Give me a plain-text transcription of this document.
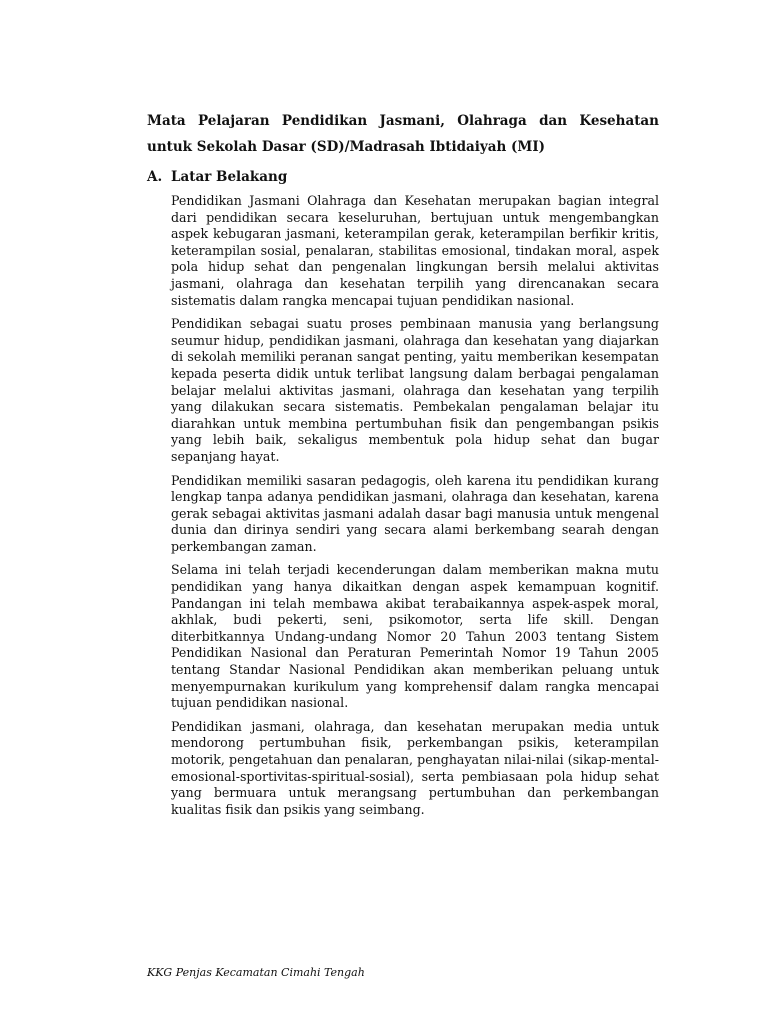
Mata Pelajaran Pendidikan Jasmani, Olahraga dan Kesehatan untuk Sekolah Dasar (SD)/Madrasah Ibtidaiyah (MI)
A. Latar Belakang

Pendidikan Jasmani Olahraga dan Kesehatan merupakan bagian integral dari pendidikan secara keseluruhan, bertujuan untuk mengembangkan aspek kebugaran jasmani, keterampilan gerak, keterampilan berfikir kritis, keterampilan sosial, penalaran, stabilitas emosional, tindakan moral, aspek pola hidup sehat dan pengenalan lingkungan bersih melalui aktivitas jasmani, olahraga dan kesehatan terpilih yang direncanakan secara sistematis dalam rangka mencapai tujuan pendidikan nasional.

Pendidikan sebagai suatu proses pembinaan manusia yang berlangsung seumur hidup, pendidikan jasmani, olahraga dan kesehatan yang diajarkan di sekolah memiliki peranan sangat penting, yaitu memberikan kesempatan kepada peserta didik untuk terlibat langsung dalam berbagai pengalaman belajar melalui aktivitas jasmani, olahraga dan kesehatan yang terpilih yang dilakukan secara sistematis. Pembekalan pengalaman belajar itu diarahkan untuk membina pertumbuhan fisik dan pengembangan psikis yang lebih baik, sekaligus membentuk pola hidup sehat dan bugar sepanjang hayat.

Pendidikan memiliki sasaran pedagogis, oleh karena itu pendidikan kurang lengkap tanpa adanya pendidikan jasmani, olahraga dan kesehatan, karena gerak sebagai aktivitas jasmani adalah dasar bagi manusia untuk mengenal dunia dan dirinya sendiri yang secara alami berkembang searah dengan perkembangan zaman.

Selama ini telah terjadi kecenderungan dalam memberikan makna mutu pendidikan yang hanya dikaitkan dengan aspek kemampuan kognitif. Pandangan ini telah membawa akibat terabaikannya aspek-aspek moral, akhlak, budi pekerti, seni, psikomotor, serta life skill. Dengan diterbitkannya Undang-undang Nomor 20 Tahun 2003 tentang Sistem Pendidikan Nasional dan Peraturan Pemerintah Nomor 19 Tahun 2005 tentang Standar Nasional Pendidikan akan memberikan peluang untuk menyempurnakan kurikulum yang komprehensif dalam rangka mencapai tujuan pendidikan nasional.

Pendidikan jasmani, olahraga, dan kesehatan merupakan media untuk mendorong pertumbuhan fisik, perkembangan psikis, keterampilan motorik, pengetahuan dan penalaran, penghayatan nilai-nilai (sikap-mental-emosional-sportivitas-spiritual-sosial), serta pembiasaan pola hidup sehat yang bermuara untuk merangsang pertumbuhan dan perkembangan kualitas fisik dan psikis yang seimbang.

KKG Penjas Kecamatan Cimahi Tengah
